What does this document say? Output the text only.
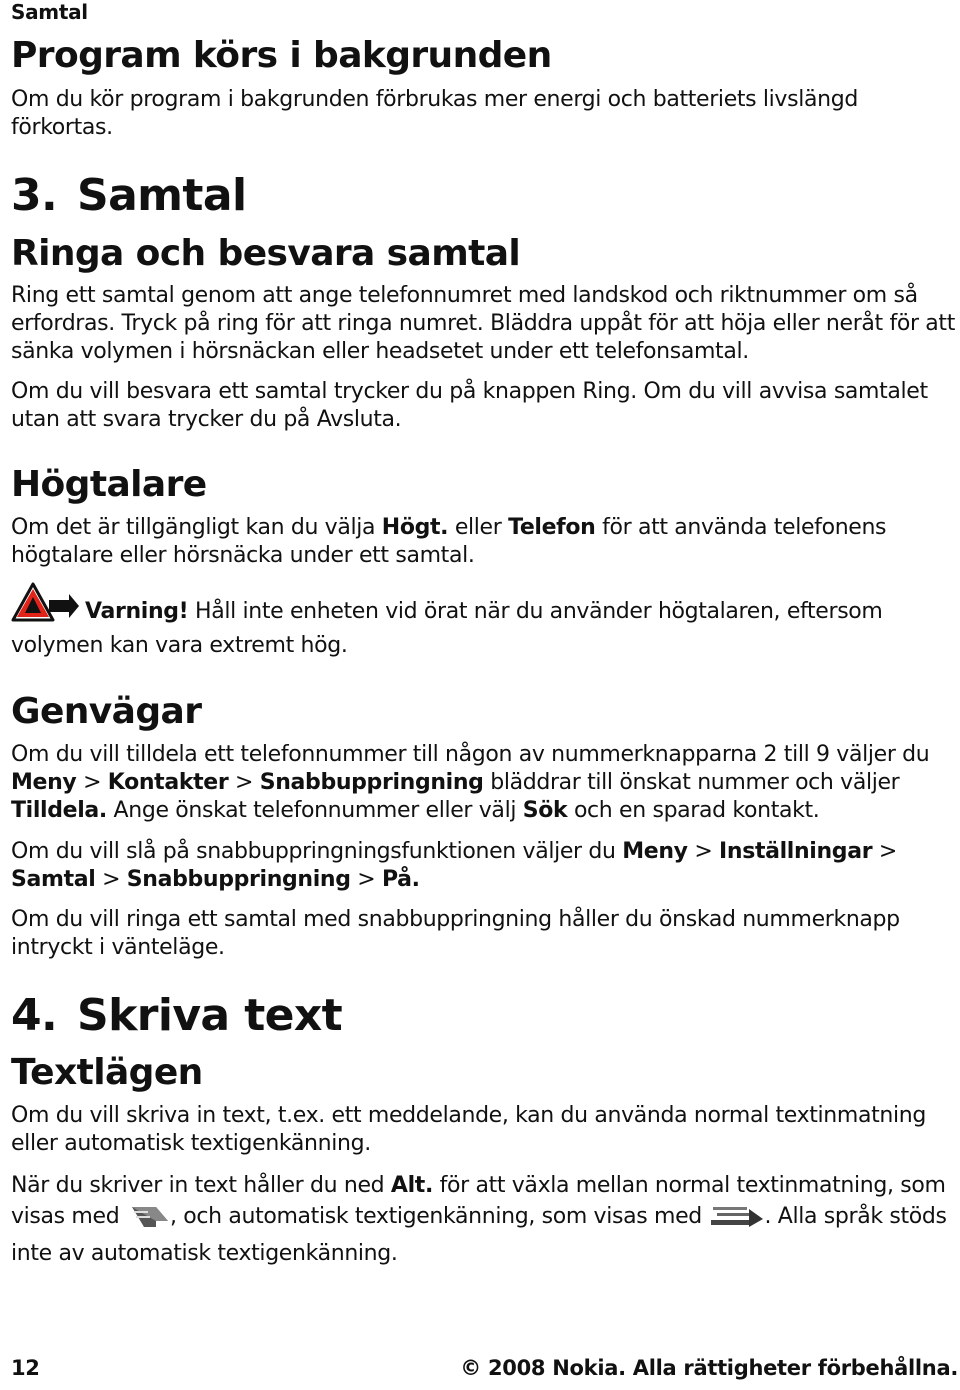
Samtal
Program körs i bakgrunden
Om du kör program i bakgrunden förbrukas mer energi och batteriets livslängd förkortas.
3. Samtal
Ringa och besvara samtal
Ring ett samtal genom att ange telefonnumret med landskod och riktnummer om så erfordras. Tryck på ring för att ringa numret. Bläddra uppåt för att höja eller neråt för att sänka volymen i hörsnäckan eller headsetet under ett telefonsamtal.
Om du vill besvara ett samtal trycker du på knappen Ring. Om du vill avvisa samtalet utan att svara trycker du på Avsluta.
Högtalare
Om det är tillgängligt kan du välja Högt. eller Telefon för att använda telefonens högtalare eller hörsnäcka under ett samtal.
Varning! Håll inte enheten vid örat när du använder högtalaren, eftersom volymen kan vara extremt hög.
Genvägar
Om du vill tilldela ett telefonnummer till någon av nummerknapparna 2 till 9 väljer du Meny > Kontakter > Snabbuppringning bläddrar till önskat nummer och väljer Tilldela. Ange önskat telefonnummer eller välj Sök och en sparad kontakt.
Om du vill slå på snabbuppringningsfunktionen väljer du Meny > Inställningar > Samtal > Snabbuppringning > På.
Om du vill ringa ett samtal med snabbuppringning håller du önskad nummerknapp intryckt i vänteläge.
4. Skriva text
Textlägen
Om du vill skriva in text, t.ex. ett meddelande, kan du använda normal textinmatning eller automatisk textigenkänning.
När du skriver in text håller du ned Alt. för att växla mellan normal textinmatning, som visas med , och automatisk textigenkänning, som visas med	. Alla språk stöds inte av automatisk textigenkänning.
12	© 2008 Nokia. Alla rättigheter förbehållna.
